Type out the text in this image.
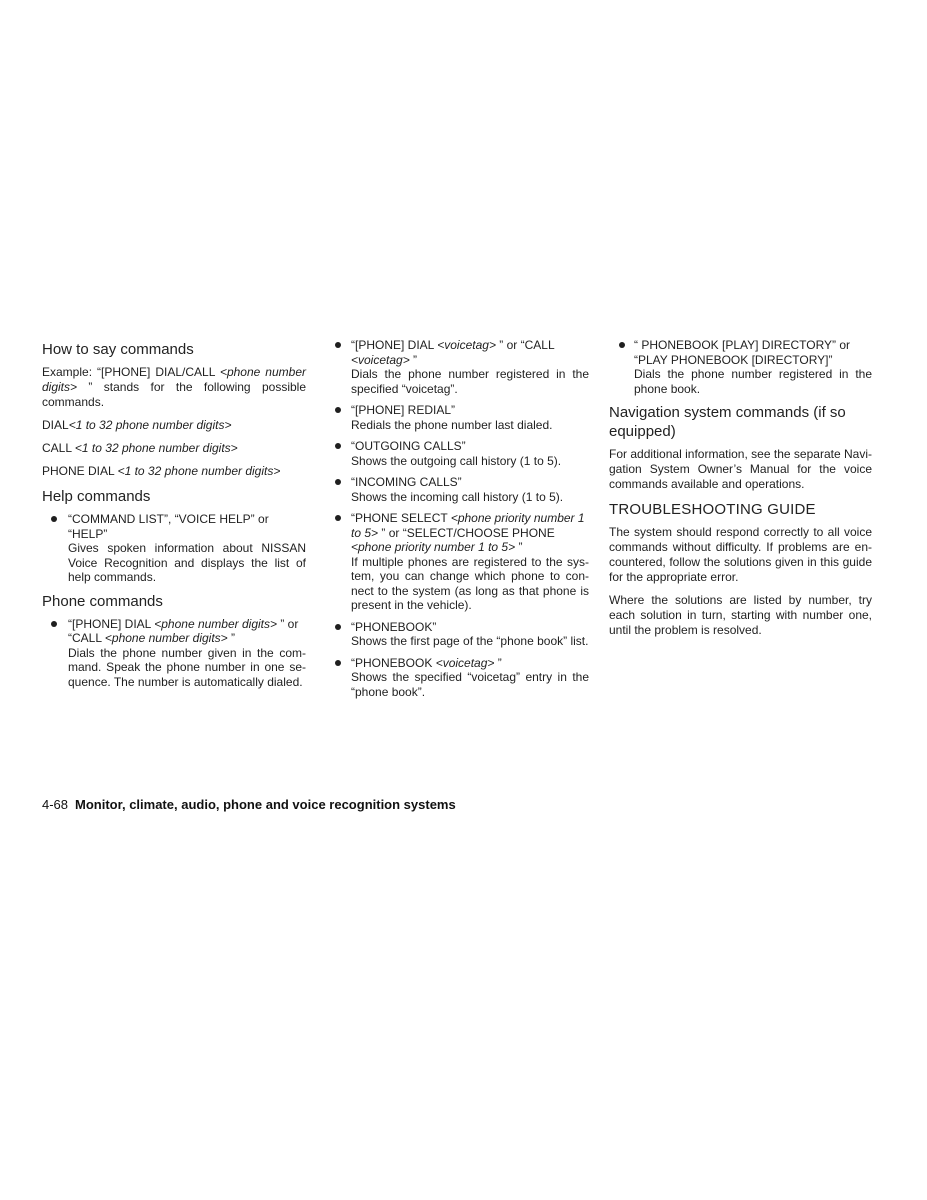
How to say commands

Example: “[PHONE] DIAL/CALL <phone number digits> ” stands for the following possible commands.

DIAL<1 to 32 phone number digits>

CALL <1 to 32 phone number digits>

PHONE DIAL <1 to 32 phone number digits>

Help commands
“COMMAND LIST”, “VOICE HELP” or “HELP”
Gives spoken information about NISSAN Voice Recognition and displays the list of help commands.
Phone commands
“[PHONE] DIAL <phone number digits> ” or “CALL <phone number digits> ”
Dials the phone number given in the command. Speak the phone number in one sequence. The number is automatically dialed.
“[PHONE] DIAL <voicetag> ” or “CALL <voicetag> ”
Dials the phone number registered in the specified “voicetag”.
“[PHONE] REDIAL”
Redials the phone number last dialed.
“OUTGOING CALLS”
Shows the outgoing call history (1 to 5).
“INCOMING CALLS”
Shows the incoming call history (1 to 5).
“PHONE SELECT <phone priority number 1 to 5> ” or “SELECT/CHOOSE PHONE <phone priority number 1 to 5> ”
If multiple phones are registered to the system, you can change which phone to connect to the system (as long as that phone is present in the vehicle).
“PHONEBOOK”
Shows the first page of the “phone book” list.
“PHONEBOOK <voicetag> ”
Shows the specified “voicetag” entry in the “phone book”.
“ PHONEBOOK [PLAY] DIRECTORY” or “PLAY PHONEBOOK [DIRECTORY]”
Dials the phone number registered in the phone book.
Navigation system commands (if so equipped)

For additional information, see the separate Navigation System Owner’s Manual for the voice commands available and operations.

TROUBLESHOOTING GUIDE

The system should respond correctly to all voice commands without difficulty. If problems are encountered, follow the solutions given in this guide for the appropriate error.

Where the solutions are listed by number, try each solution in turn, starting with number one, until the problem is resolved.

4-68 Monitor, climate, audio, phone and voice recognition systems
